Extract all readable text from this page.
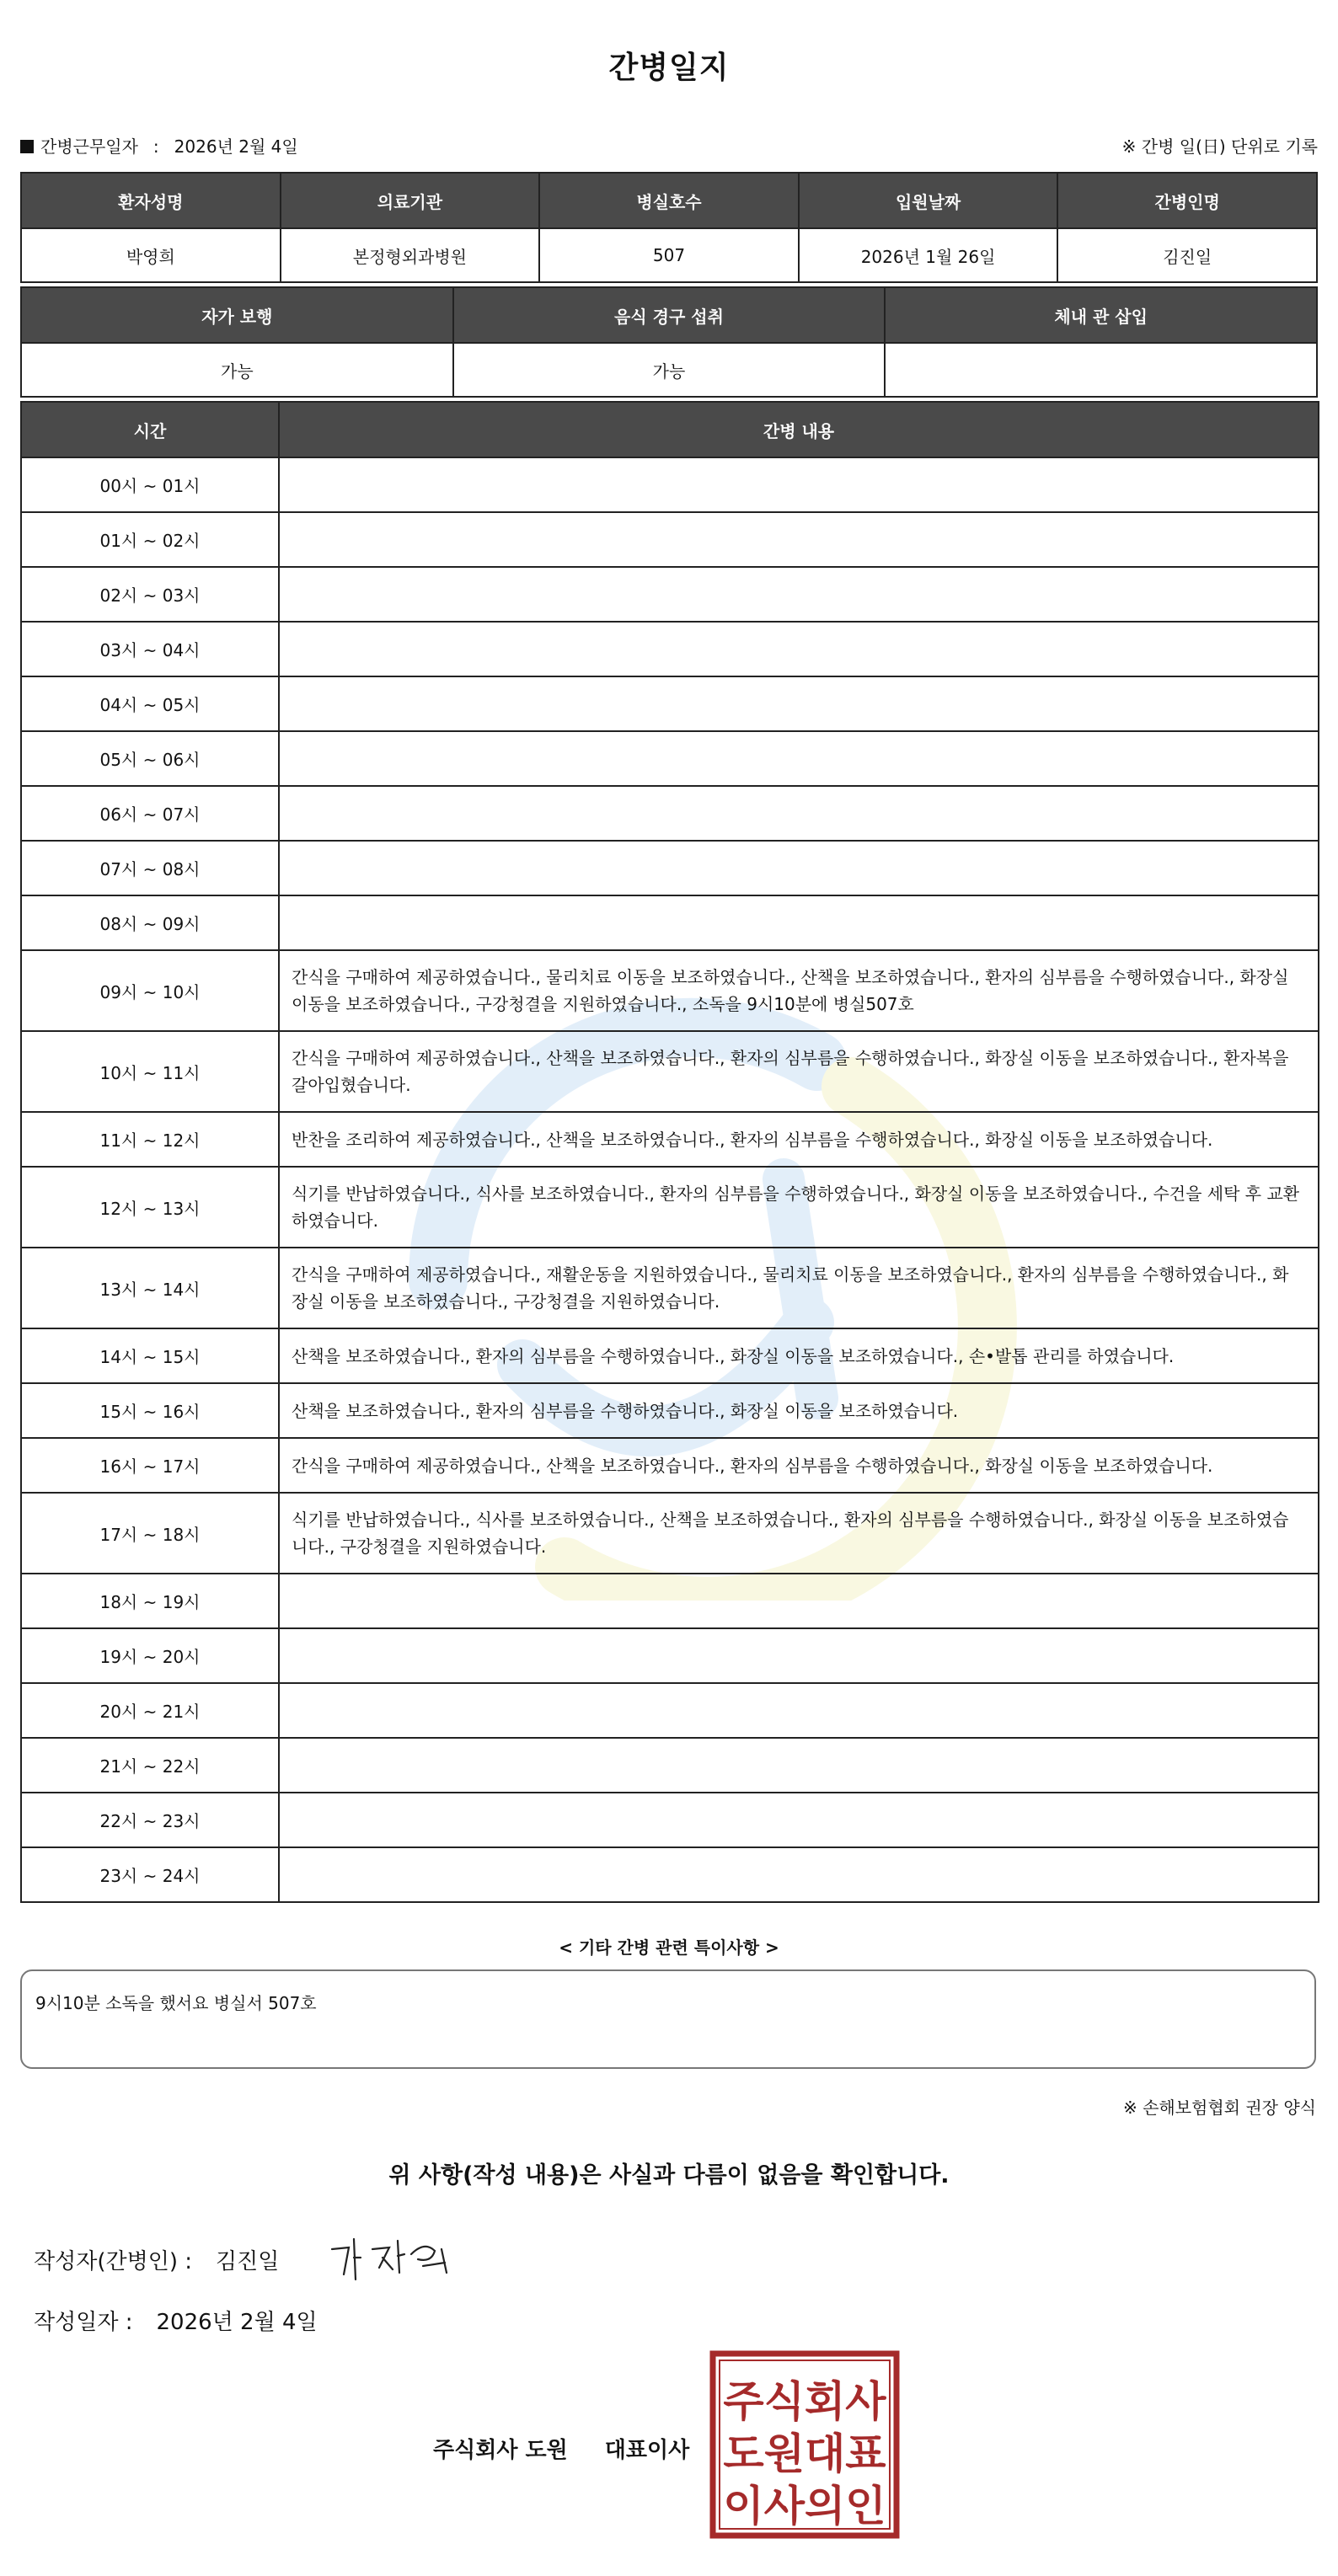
간병일지
간병근무일자 : 2026년 2월 4일	※ 간병 일(日) 단위로 기록
환자성명	의료기관	병실호수	입원날짜	간병인명
박영희	본정형외과병원	507	2026년 1월 26일	김진일
자가 보행	음식 경구 섭취	체내 관 삽입
가능	가능	
시간	간병 내용
00시 ~ 01시	
01시 ~ 02시	
02시 ~ 03시	
03시 ~ 04시	
04시 ~ 05시	
05시 ~ 06시	
06시 ~ 07시	
07시 ~ 08시	
08시 ~ 09시	
09시 ~ 10시	간식을 구매하여 제공하였습니다., 물리치료 이동을 보조하였습니다., 산책을 보조하였습니다., 환자의 심부름을 수행하였습니다., 화장실 이동을 보조하였습니다., 구강청결을 지원하였습니다., 소독을 9시10분에 병실507호
10시 ~ 11시	간식을 구매하여 제공하였습니다., 산책을 보조하였습니다., 환자의 심부름을 수행하였습니다., 화장실 이동을 보조하였습니다., 환자복을 갈아입혔습니다.
11시 ~ 12시	반찬을 조리하여 제공하였습니다., 산책을 보조하였습니다., 환자의 심부름을 수행하였습니다., 화장실 이동을 보조하였습니다.
12시 ~ 13시	식기를 반납하였습니다., 식사를 보조하였습니다., 환자의 심부름을 수행하였습니다., 화장실 이동을 보조하였습니다., 수건을 세탁 후 교환하였습니다.
13시 ~ 14시	간식을 구매하여 제공하였습니다., 재활운동을 지원하였습니다., 물리치료 이동을 보조하였습니다., 환자의 심부름을 수행하였습니다., 화장실 이동을 보조하였습니다., 구강청결을 지원하였습니다.
14시 ~ 15시	산책을 보조하였습니다., 환자의 심부름을 수행하였습니다., 화장실 이동을 보조하였습니다., 손•발톱 관리를 하였습니다.
15시 ~ 16시	산책을 보조하였습니다., 환자의 심부름을 수행하였습니다., 화장실 이동을 보조하였습니다.
16시 ~ 17시	간식을 구매하여 제공하였습니다., 산책을 보조하였습니다., 환자의 심부름을 수행하였습니다., 화장실 이동을 보조하였습니다.
17시 ~ 18시	식기를 반납하였습니다., 식사를 보조하였습니다., 산책을 보조하였습니다., 환자의 심부름을 수행하였습니다., 화장실 이동을 보조하였습니다., 구강청결을 지원하였습니다.
18시 ~ 19시	
19시 ~ 20시	
20시 ~ 21시	
21시 ~ 22시	
22시 ~ 23시	
23시 ~ 24시	
< 기타 간병 관련 특이사항 >
9시10분 소독을 했서요 병실서 507호
※ 손해보험협회 권장 양식
위 사항(작성 내용)은 사실과 다름이 없음을 확인합니다.
작성자(간병인) : 김진일
작성일자 : 2026년 2월 4일
주식회사 도원 대표이사
주식회사
도원대표
이사의인
